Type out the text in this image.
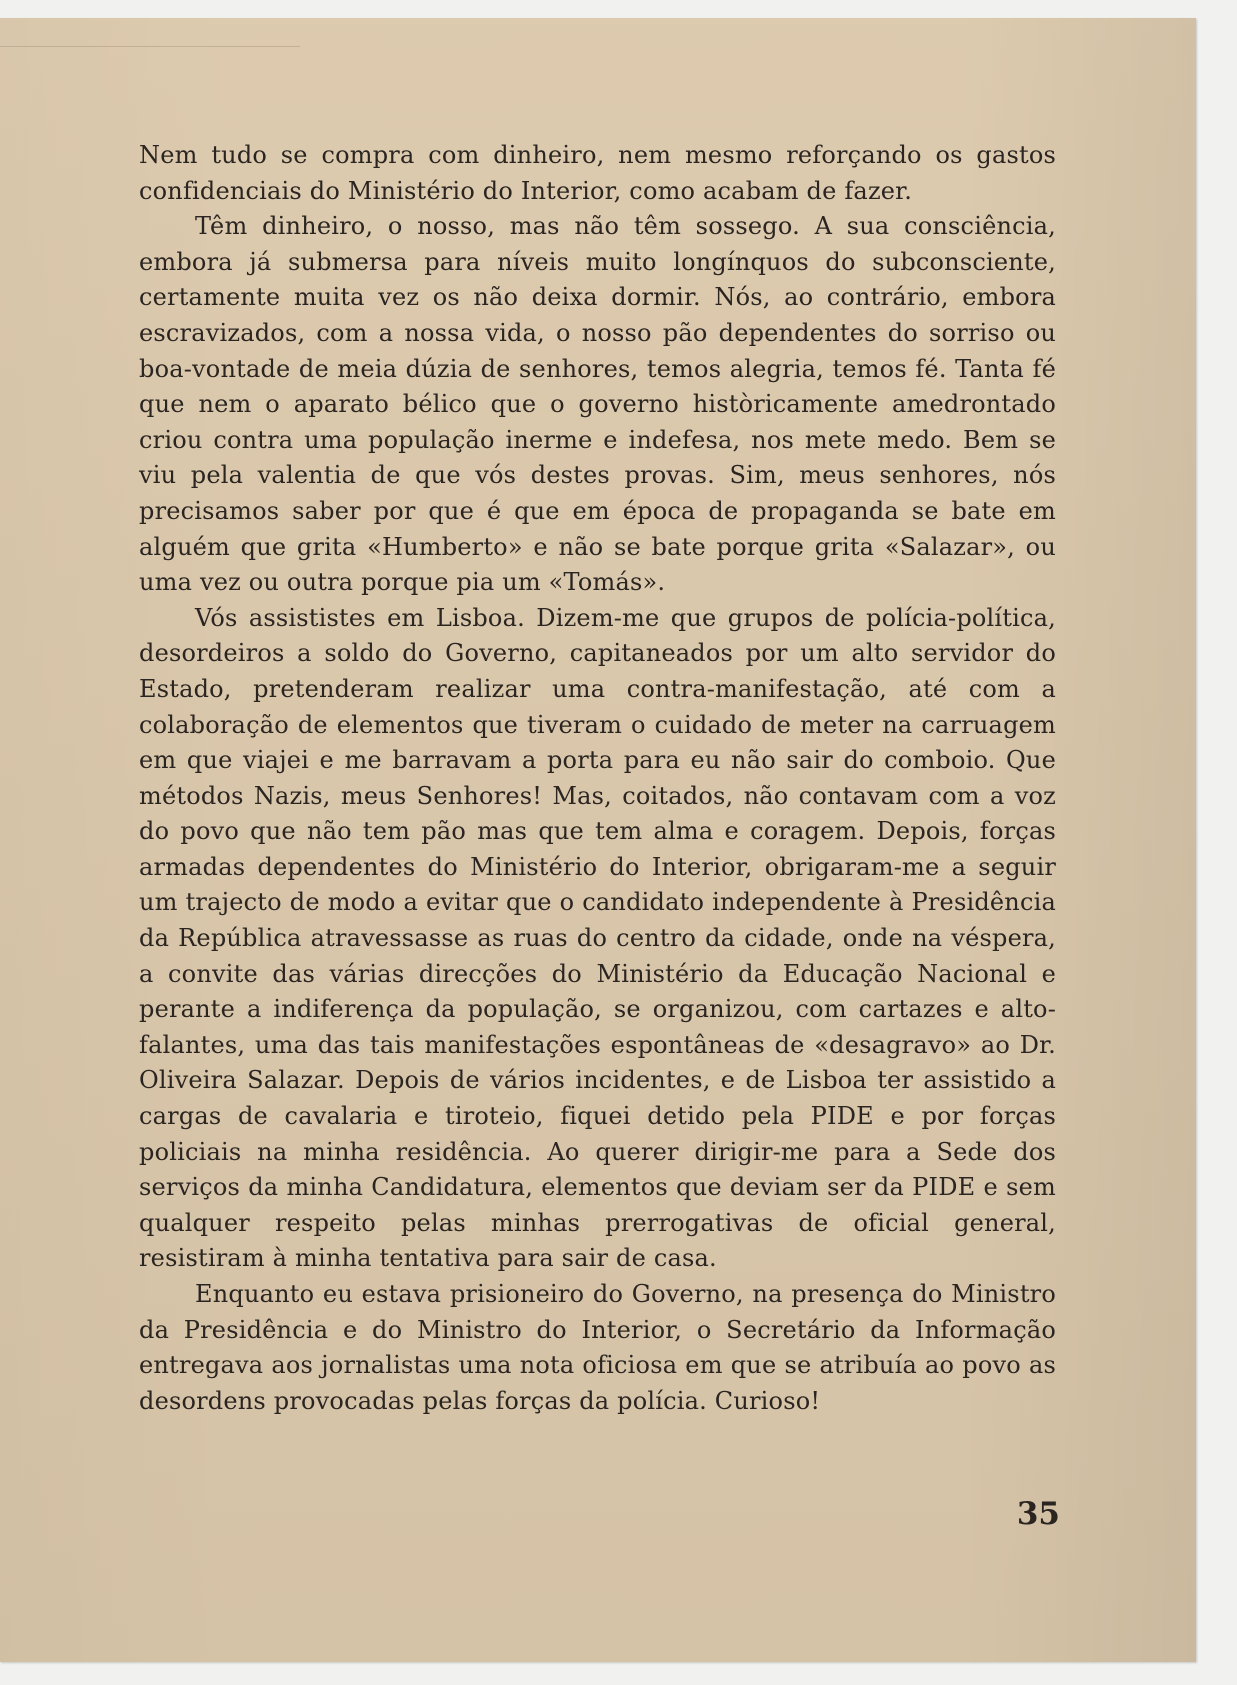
Nem tudo se compra com dinheiro, nem mesmo reforçando os gastos confidenciais do Ministério do Interior, como acabam de fazer.

Têm dinheiro, o nosso, mas não têm sossego. A sua consciência, embora já submersa para níveis muito longínquos do subconsciente, certamente muita vez os não deixa dormir. Nós, ao contrário, embora escravizados, com a nossa vida, o nosso pão dependentes do sorriso ou boa-vontade de meia dúzia de senhores, temos alegria, temos fé. Tanta fé que nem o aparato bélico que o governo històricamente amedrontado criou contra uma população inerme e indefesa, nos mete medo. Bem se viu pela valentia de que vós destes provas. Sim, meus senhores, nós precisamos saber por que é que em época de propaganda se bate em alguém que grita «Humberto» e não se bate porque grita «Salazar», ou uma vez ou outra porque pia um «Tomás».

Vós assististes em Lisboa. Dizem-me que grupos de polícia-política, desordeiros a soldo do Governo, capitaneados por um alto servidor do Estado, pretenderam realizar uma contra-manifestação, até com a colaboração de elementos que tiveram o cuidado de meter na carruagem em que viajei e me barravam a porta para eu não sair do comboio. Que métodos Nazis, meus Senhores! Mas, coitados, não contavam com a voz do povo que não tem pão mas que tem alma e coragem. Depois, forças armadas dependentes do Ministério do Interior, obrigaram-me a seguir um trajecto de modo a evitar que o candidato independente à Presidência da República atravessasse as ruas do centro da cidade, onde na véspera, a convite das várias direcções do Ministério da Educação Nacional e perante a indiferença da população, se organizou, com cartazes e alto-falantes, uma das tais manifestações espontâneas de «desagravo» ao Dr. Oliveira Salazar. Depois de vários incidentes, e de Lisboa ter assistido a cargas de cavalaria e tiroteio, fiquei detido pela PIDE e por forças policiais na minha residência. Ao querer dirigir-me para a Sede dos serviços da minha Candidatura, elementos que deviam ser da PIDE e sem qualquer respeito pelas minhas prerrogativas de oficial general, resistiram à minha tentativa para sair de casa.

Enquanto eu estava prisioneiro do Governo, na presença do Ministro da Presidência e do Ministro do Interior, o Secretário da Informação entregava aos jornalistas uma nota oficiosa em que se atribuía ao povo as desordens provocadas pelas forças da polícia. Curioso!

35
